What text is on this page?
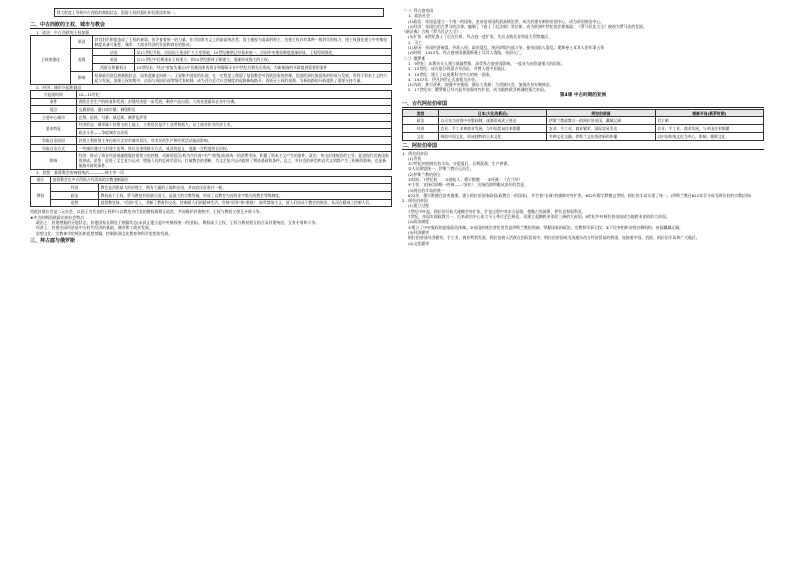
领大程度上导致中古西欧的割据状态，阻碍王权的强化和民族国家统一。
二、中古西欧的王权、城市与教会
1．政治：中古西欧的王权加强
王权的强化	原因	封君封臣制度造成了王权的衰弱，但孕育着统一的力量。作为国家名义上的最高统治者，国王被视为高高的领主，这使王权具有某种一般封臣的权力，使王权强化建立中央集权制度具备可能性；城市、工商业经济的发展和商业的推动。	
	表现	法国	从11世纪开始，法国国王逐步扩大王室领地，15世纪晚期已经基本统一。法国中央集权制度逐渐形成，王权得到强化。
		英国	自11世纪中后期逐步王权强大，到15世纪都铎王朝建立，逐渐形成强大的王权。
		西班牙和葡萄牙	15世纪末，经过"收复失地运动"民族国家西班牙和葡萄牙在中世纪后期先后形成，为新航路的开辟提供重要的条件
	影响	结束政治混乱和割据状态，国家逐渐走向统一。王权集中国家的出现，在一定程度上削弱了基督教会对西欧国家的控制，促进欧洲民族国家的形成与发展，有利于资本主义的兴起与发展。加强王权的集中，法国与英国出现等级代表机制，成为西方近代议会制度的起源新航路开，西班牙王权的加强，为新航路的开辟提供了重要支持力量。	
2．经济：城市兴起和商品
兴起的时间	10—11世纪
条件	西欧社会生产的恢复和发展；封建经济进一步发展，剩余产品出现；工商业逐渐从农业中分离。
地点	交通要道、港口或市镇、城堡附近
主要中心城市	巴黎、伦敦、马赛、威尼斯、佛罗伦萨等
基本特征	经济形态：城市属于封建主的土地上，主要居民是手工业者和商人，以工商业作为经济主业。
	政治斗争——争取城市自治权
争取自治原因	封建主利用领主身份的方式对市城市居民，对市民的生产和经营活动造成影响。
争取自治方式	一些城市通过与封建主谈判、协议及金钱赎买方式，或武装起义，逐渐一定程度的自治权。
影响	经济：推动了商业经济逐渐摆脱封建领主的控制，而新的居民(称为市民或"中产"阶级)形成统一的消费市场，积累了资本主义产生的条件。政治：冲击封建统治的主导，促进现代民族国家的形成。思想：促进了文艺复兴运动，增强人们的反神学意识，打破教会的垄断，为文艺复兴运动提供了物质基础和条件。总之，对社会的转型和近代文明都产生了积极的影响，也是新航路开辟的条件。
3．思想：基督教会的神权统治————神主宰一切
地位	基督教会在中古西欧占有崇高的宗教垄断地位	
教权	经济	教会是西欧最大的封建主，拥有大量的土地和庄园，并向农民征收什一税。
	政治	教权高于王权，罗马教皇有权册立国王，是最大的宗教领袖，形成了以教皇为首的金字塔式的教会等级制度。
	思想	基督教宣扬，"信仰"至上，垄断了教育和文化，控制着人们的精神生活，宣扬"原罪"和"救赎"，鼓吹禁欲主义，使人们屈从于教会的统治，从而在精神上控制人们。

西欧封建社会是二元社会，以国王为代表的王权和与以教皇为代表的教权既相互依存，共同维护封建秩序，王权与教权又相互矛盾斗争。

★中古时期西欧政治的社会特点

政治上：封建割据的分裂状态，封建国家长期处于割据状态(未真正建立起中央集权统一的国家)，教权高于王权，王权与教权相互结合而封建统治，互有矛盾和斗争。

经济上：封建庄园经济是中古时代经济的基础，城市和工商业发展。

思想文化：宗教神学的统治和思想禁锢，控制欧洲文化教育和科学思想的发展。

三、拜占庭与俄罗斯

（一）拜占庭帝国

1．政治社会

(1)政治：帝国是建立一个统一的国家，皇帝是帝国的最高统治者。成为封建专制的帝国中心，成为帝国统治中心。

(2)经济：帝国沿用古罗马的法律，编制了《查士丁尼法典》等法律，成为欧洲中世纪的法律基础；《罗马民法大全》被视为罗马法的发展。

《新法典》合称《罗马民法大全》。

(3)扩张：6世纪查士丁尼在位时，拜占庭一度扩张，先后击败北非和意大利等地区。

2．灭亡

(1)原因：帝国经济衰落，外敌入侵；政治混乱，统治阶级内部斗争，使帝国陷入混乱；奥斯曼土耳其人的军事占领

(2)时间：1453年，拜占庭帝国被奥斯曼土耳其人攻陷，帝国灭亡。

（二）俄罗斯

1．9世纪：东斯拉夫人建立基辅罗斯，深受拜占庭帝国影响。一度成为东欧最强大的国家。

2．13世纪：成吉思汗的蒙古军西征，并曾入侵中亚地区。

3．14世纪：建立了以莫斯科为中心的统一国家。

4．1547年：伊凡四世正式加冕为沙皇。

(1)内政：推行改革，加强中央集权，镇压大贵族；与贵族议会。加强沙皇专制统治。

5．17世纪末：俄罗斯已经兴起并加强对外扩张，成为地跨欧亚两洲的强大帝国。

第4课 中古时期的亚洲
一、古代阿拉伯帝国
类别	日本(大化改新后)	阿拉伯帝国	朝鲜半岛(新罗时期)
政治	以天皇为首的中央集权制，逐渐形成武士统治	伊斯兰教政教合一的阿拉伯帝国，疆域辽阔	君主制
经济	农业、手工业和商业发展，与中国贸易往来频繁	农业、手工业、商业繁荣，国际贸易发达	农业、手工业、商业发展，与中国往来频繁
文化	吸收中国文化，形成独特的日本文化	多种文化交融，伊斯兰文化的创新和传播	以中国传统文化为中心，影响，朝鲜文化
二、阿拉伯帝国

1．阿拉伯帝国

(1)背景

①7世纪初的阿拉伯半岛，分裂落后，长期混战，生产停滞。

②人民渴望统一，伊斯兰教应运而生。

(2)伊斯兰教的创立

①时间：7世纪初　　②创始人：穆罕默德　　③经典：《古兰经》

④主张：宣扬信仰唯一的神——"安拉"，宣扬信仰和服从安拉的旨意。

(3)阿拉伯半岛的统一

622年，穆罕默德迁居麦地那，建立阿拉伯国家政权(政教合一的国家)，并打着"圣战"的旗帜对外扩张，632年穆罕默德去世时，阿拉伯半岛实现了统一。(伊斯兰教在622年至今成为阿拉伯的宗教信仰)

2．阿拉伯帝国

(1)建立过程

7世纪中叶起，阿拉伯开始大规模对外扩张，扩张过程中对东方征服，相继占领波斯、伊拉克和叙利亚。

7世纪，帝国实现政教合一，后来政治中心由大马士革迁至巴格达，再建立起横跨亚非欧三洲的大帝国，8世纪中叶阿拉伯帝国成为地跨亚非欧的大帝国。

(2)政治制度

①建立了中央集权的国家政治体制。②帝国的统治者哈里发是伊斯兰教的领袖，掌握国家的政治、宗教和军事大权；③下设宰相和各级官僚机构，帝国疆域辽阔。

(3)经济繁荣

阿拉伯帝国经济繁荣，手工业、商业特别发展，阿拉伯商人活跃在国际贸易中，阿拉伯帝国成为沟通东西方经济贸易的桥梁，连接着中国、西欧、阿拉伯半岛和广大地区。

(4)文化繁荣
